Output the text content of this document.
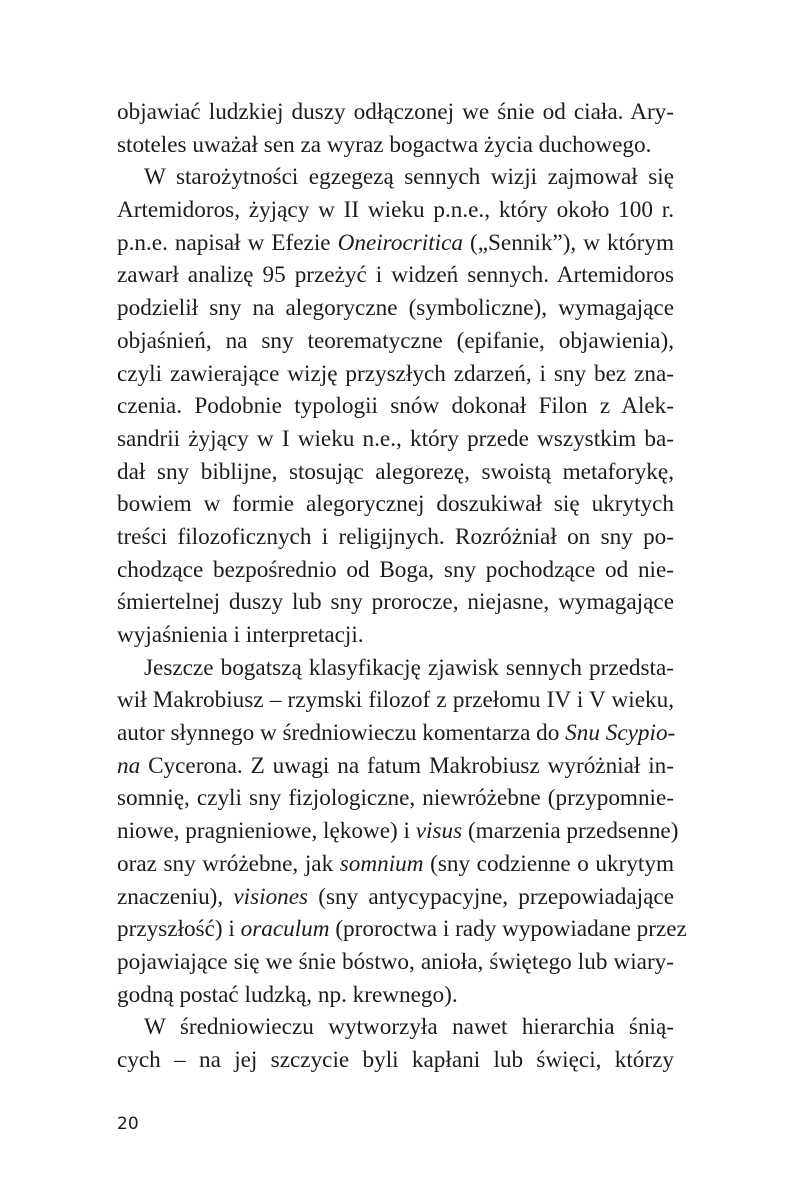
objawiać ludzkiej duszy odłączonej we śnie od ciała. Ary-
stoteles uważał sen za wyraz bogactwa życia duchowego.
W starożytności egzegezą sennych wizji zajmował się
Artemidoros, żyjący w II wieku p.n.e., który około 100 r.
p.n.e. napisał w Efezie Oneirocritica („Sennik”), w którym
zawarł analizę 95 przeżyć i widzeń sennych. Artemidoros
podzielił sny na alegoryczne (symboliczne), wymagające
objaśnień, na sny teorematyczne (epifanie, objawienia),
czyli zawierające wizję przyszłych zdarzeń, i sny bez zna-
czenia. Podobnie typologii snów dokonał Filon z Alek-
sandrii żyjący w I wieku n.e., który przede wszystkim ba-
dał sny biblijne, stosując alegorezę, swoistą metaforykę,
bowiem w formie alegorycznej doszukiwał się ukrytych
treści filozoficznych i religijnych. Rozróżniał on sny po-
chodzące bezpośrednio od Boga, sny pochodzące od nie-
śmiertelnej duszy lub sny prorocze, niejasne, wymagające
wyjaśnienia i interpretacji.
Jeszcze bogatszą klasyfikację zjawisk sennych przedsta-
wił Makrobiusz – rzymski filozof z przełomu IV i V wieku,
autor słynnego w średniowieczu komentarza do Snu Scypio-
na Cycerona. Z uwagi na fatum Makrobiusz wyróżniał in-
somnię, czyli sny fizjologiczne, niewróżebne (przypomnie-
niowe, pragnieniowe, lękowe) i visus (marzenia przedsenne)
oraz sny wróżebne, jak somnium (sny codzienne o ukrytym
znaczeniu), visiones (sny antycypacyjne, przepowiadające
przyszłość) i oraculum (proroctwa i rady wypowiadane przez
pojawiające się we śnie bóstwo, anioła, świętego lub wiary-
godną postać ludzką, np. krewnego).
W średniowieczu wytworzyła nawet hierarchia śnią-
cych – na jej szczycie byli kapłani lub święci, którzy
20
